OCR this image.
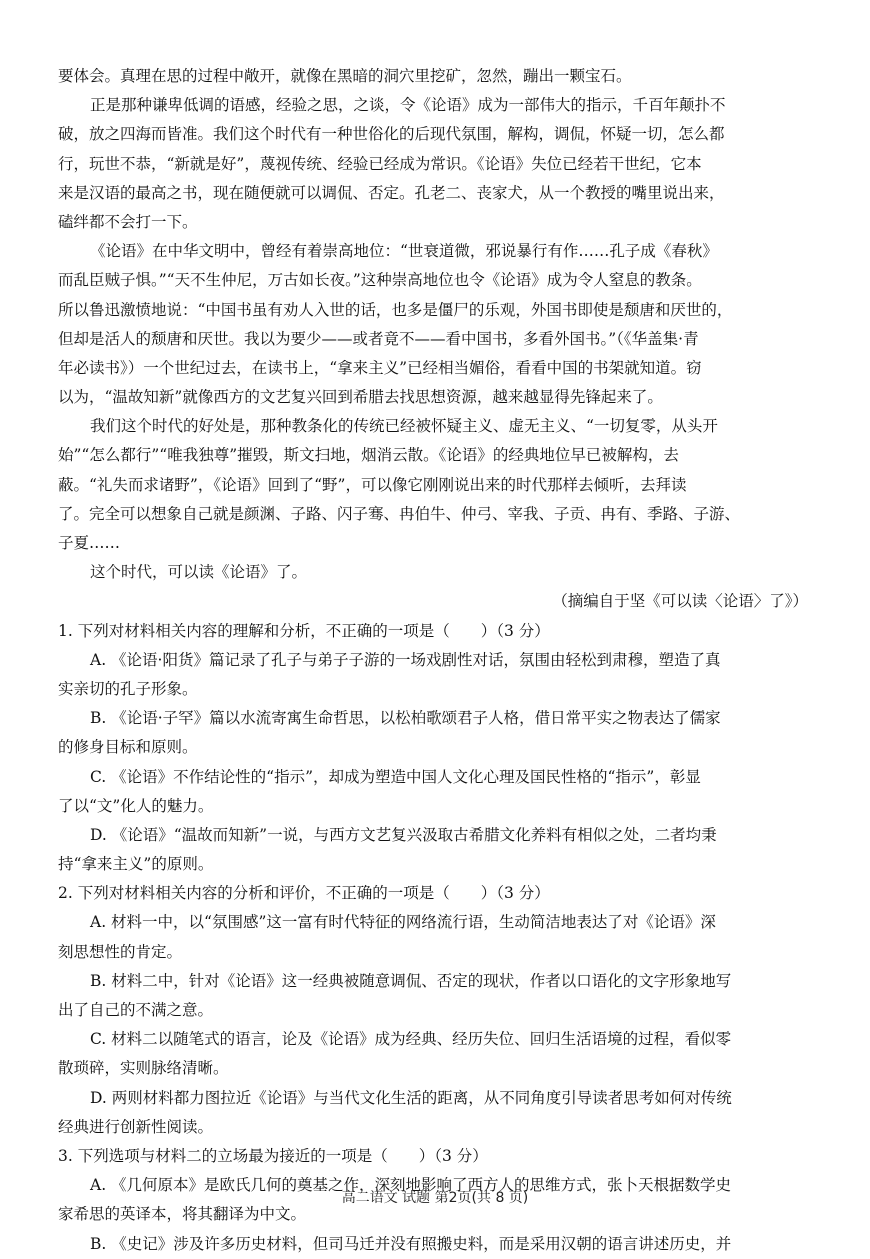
要体会。真理在思的过程中敞开，就像在黑暗的洞穴里挖矿，忽然，蹦出一颗宝石。
正是那种谦卑低调的语感，经验之思，之谈，令《论语》成为一部伟大的指示，千百年颠扑不
破，放之四海而皆准。我们这个时代有一种世俗化的后现代氛围，解构，调侃，怀疑一切，怎么都
行，玩世不恭，“新就是好”，蔑视传统、经验已经成为常识。《论语》失位已经若干世纪，它本
来是汉语的最高之书，现在随便就可以调侃、否定。孔老二、丧家犬，从一个教授的嘴里说出来，
磕绊都不会打一下。
《论语》在中华文明中，曾经有着崇高地位：“世衰道微，邪说暴行有作……孔子成《春秋》
而乱臣贼子惧。”“天不生仲尼，万古如长夜。”这种崇高地位也令《论语》成为令人窒息的教条。
所以鲁迅激愤地说：“中国书虽有劝人入世的话，也多是僵尸的乐观，外国书即使是颓唐和厌世的，
但却是活人的颓唐和厌世。我以为要少——或者竟不——看中国书，多看外国书。”（《华盖集·青
年必读书》）一个世纪过去，在读书上，“拿来主义”已经相当媚俗，看看中国的书架就知道。窃
以为，“温故知新”就像西方的文艺复兴回到希腊去找思想资源，越来越显得先锋起来了。
我们这个时代的好处是，那种教条化的传统已经被怀疑主义、虚无主义、“一切复零，从头开
始”“怎么都行”“唯我独尊”摧毁，斯文扫地，烟消云散。《论语》的经典地位早已被解构，去
蔽。“礼失而求诸野”，《论语》回到了“野”，可以像它刚刚说出来的时代那样去倾听，去拜读
了。完全可以想象自己就是颜渊、子路、闪子骞、冉伯牛、仲弓、宰我、子贡、冉有、季路、子游、
子夏……
这个时代，可以读《论语》了。
（摘编自于坚《可以读〈论语〉了》）
1. 下列对材料相关内容的理解和分析，不正确的一项是（　　）（3 分）
A. 《论语·阳货》篇记录了孔子与弟子子游的一场戏剧性对话，氛围由轻松到肃穆，塑造了真
实亲切的孔子形象。
B. 《论语·子罕》篇以水流寄寓生命哲思，以松柏歌颂君子人格，借日常平实之物表达了儒家
的修身目标和原则。
C. 《论语》不作结论性的“指示”，却成为塑造中国人文化心理及国民性格的“指示”，彰显
了以“文”化人的魅力。
D. 《论语》“温故而知新”一说，与西方文艺复兴汲取古希腊文化养料有相似之处，二者均秉
持“拿来主义”的原则。
2. 下列对材料相关内容的分析和评价，不正确的一项是（　　）（3 分）
A. 材料一中，以“氛围感”这一富有时代特征的网络流行语，生动简洁地表达了对《论语》深
刻思想性的肯定。
B. 材料二中，针对《论语》这一经典被随意调侃、否定的现状，作者以口语化的文字形象地写
出了自己的不满之意。
C. 材料二以随笔式的语言，论及《论语》成为经典、经历失位、回归生活语境的过程，看似零
散琐碎，实则脉络清晰。
D. 两则材料都力图拉近《论语》与当代文化生活的距离，从不同角度引导读者思考如何对传统
经典进行创新性阅读。
3. 下列选项与材料二的立场最为接近的一项是（　　）（3 分）
A. 《几何原本》是欧氏几何的奠基之作，深刻地影响了西方人的思维方式，张卜天根据数学史
家希思的英译本，将其翻译为中文。
B. 《史记》涉及许多历史材料，但司马迁并没有照搬史料，而是采用汉朝的语言讲述历史，并
高二语文 试题 第2页(共 8 页)
